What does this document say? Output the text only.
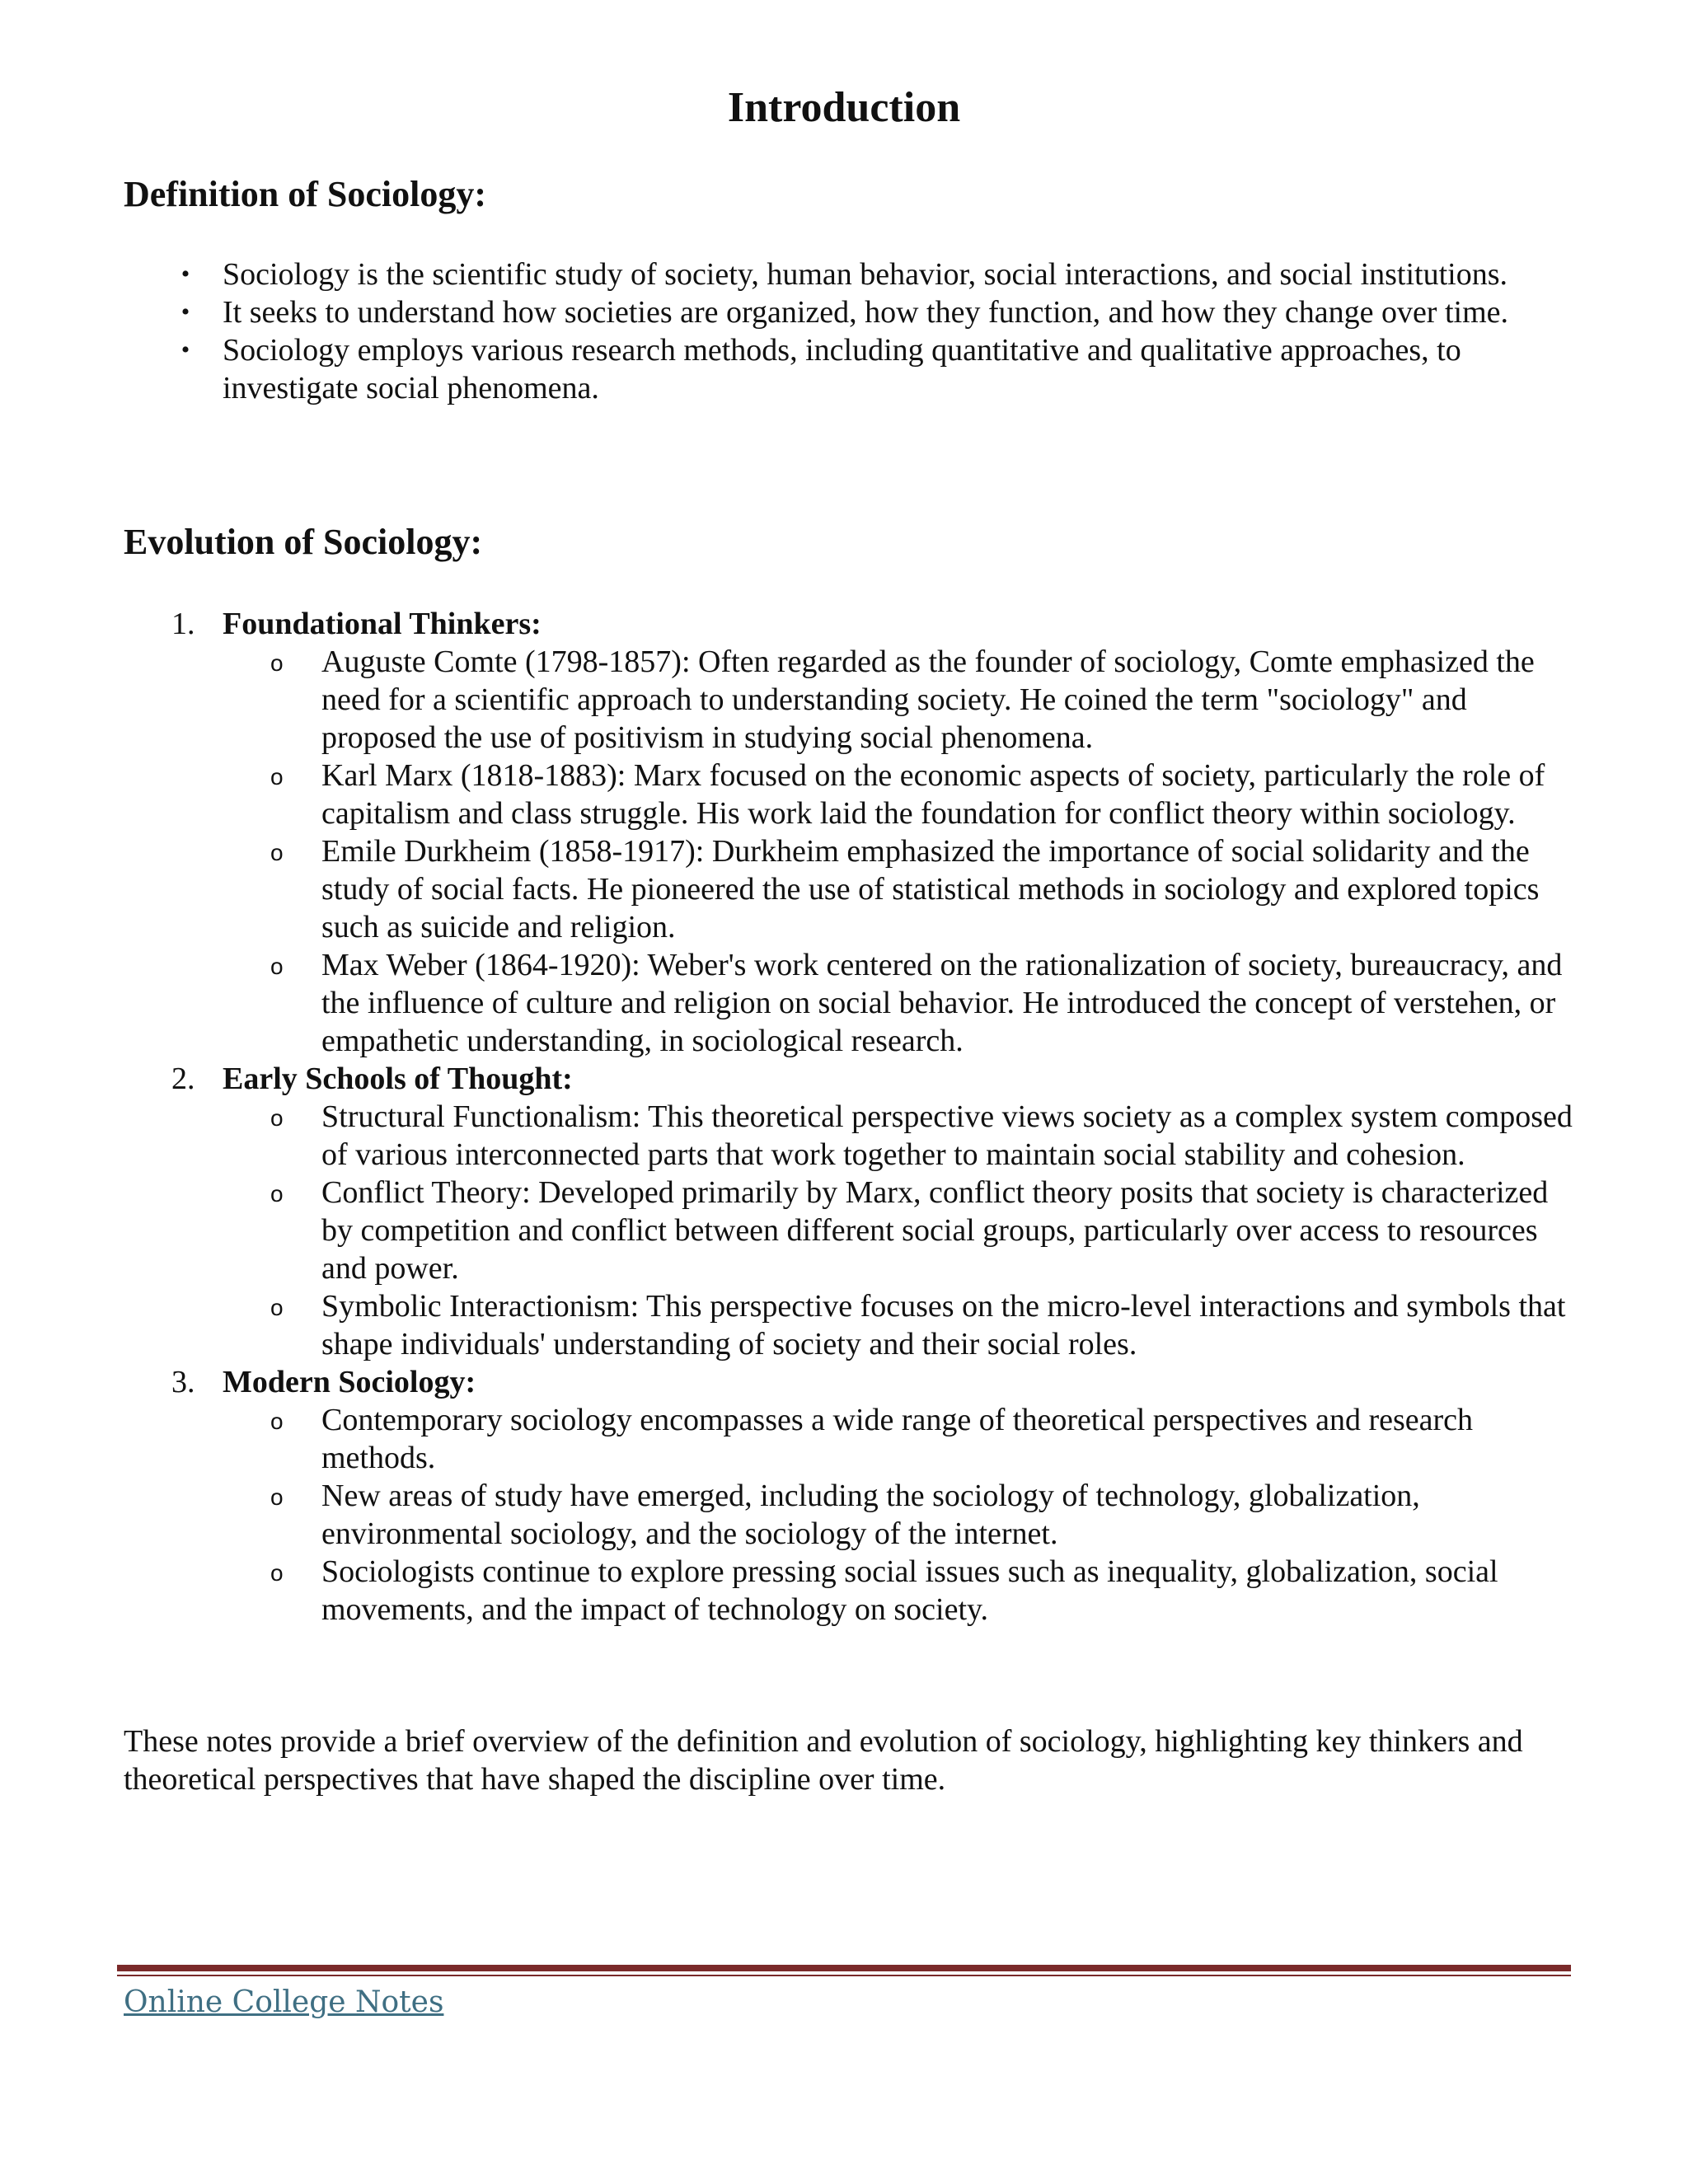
Introduction
Definition of Sociology:
• Sociology is the scientific study of society, human behavior, social interactions, and social institutions.
• It seeks to understand how societies are organized, how they function, and how they change over time.
• Sociology employs various research methods, including quantitative and qualitative approaches, to investigate social phenomena.
Evolution of Sociology:
1. Foundational Thinkers:
o Auguste Comte (1798-1857): Often regarded as the founder of sociology, Comte emphasized the need for a scientific approach to understanding society. He coined the term "sociology" and proposed the use of positivism in studying social phenomena.
o Karl Marx (1818-1883): Marx focused on the economic aspects of society, particularly the role of capitalism and class struggle. His work laid the foundation for conflict theory within sociology.
o Emile Durkheim (1858-1917): Durkheim emphasized the importance of social solidarity and the study of social facts. He pioneered the use of statistical methods in sociology and explored topics such as suicide and religion.
o Max Weber (1864-1920): Weber's work centered on the rationalization of society, bureaucracy, and the influence of culture and religion on social behavior. He introduced the concept of verstehen, or empathetic understanding, in sociological research.
2. Early Schools of Thought:
o Structural Functionalism: This theoretical perspective views society as a complex system composed of various interconnected parts that work together to maintain social stability and cohesion.
o Conflict Theory: Developed primarily by Marx, conflict theory posits that society is characterized by competition and conflict between different social groups, particularly over access to resources and power.
o Symbolic Interactionism: This perspective focuses on the micro-level interactions and symbols that shape individuals' understanding of society and their social roles.
3. Modern Sociology:
o Contemporary sociology encompasses a wide range of theoretical perspectives and research methods.
o New areas of study have emerged, including the sociology of technology, globalization, environmental sociology, and the sociology of the internet.
o Sociologists continue to explore pressing social issues such as inequality, globalization, social movements, and the impact of technology on society.

These notes provide a brief overview of the definition and evolution of sociology, highlighting key thinkers and theoretical perspectives that have shaped the discipline over time.

Online College Notes
